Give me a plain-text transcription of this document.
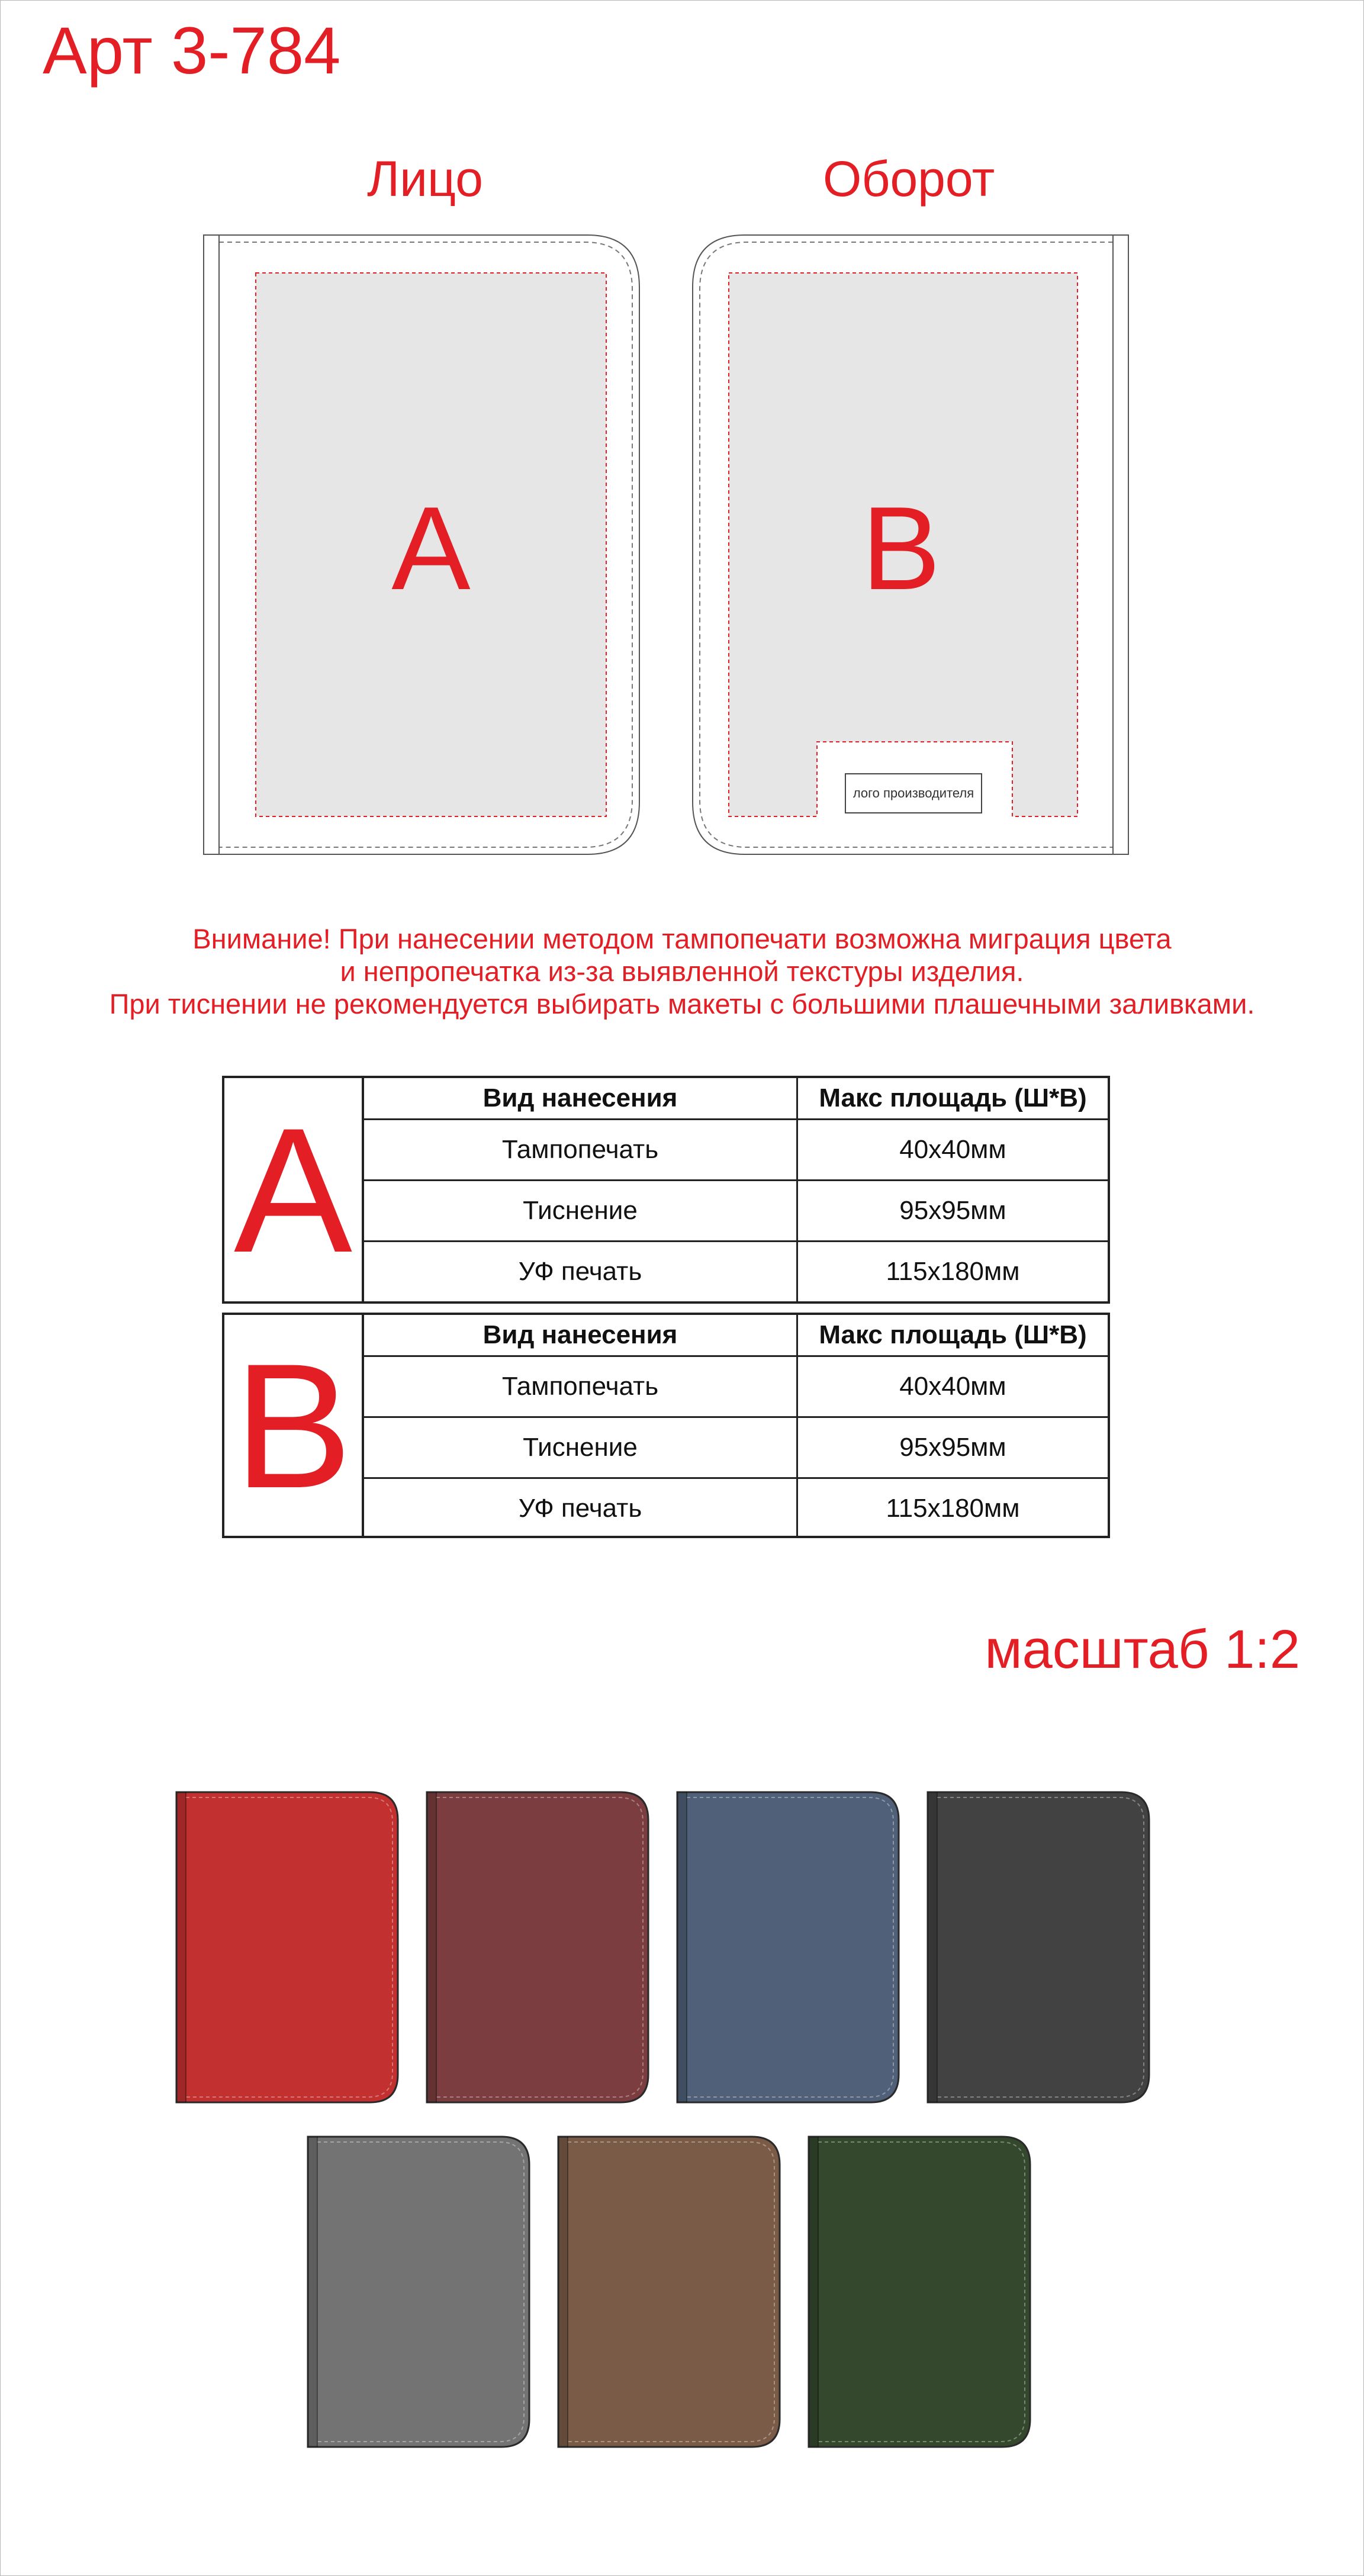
Арт 3-784
Лицо	Оборот
A	B
лого производителя
Внимание! При нанесении методом тампопечати возможна миграция цвета
и непропечатка из-за выявленной текстуры изделия.
При тиснении не рекомендуется выбирать макеты с большими плашечными заливками.
A	Вид нанесения	Макс площадь (Ш*В)
Тампопечать	40х40мм
Тиснение	95х95мм
УФ печать	115х180мм
B	Вид нанесения	Макс площадь (Ш*В)
Тампопечать	40х40мм
Тиснение	95х95мм
УФ печать	115х180мм
масштаб 1:2
